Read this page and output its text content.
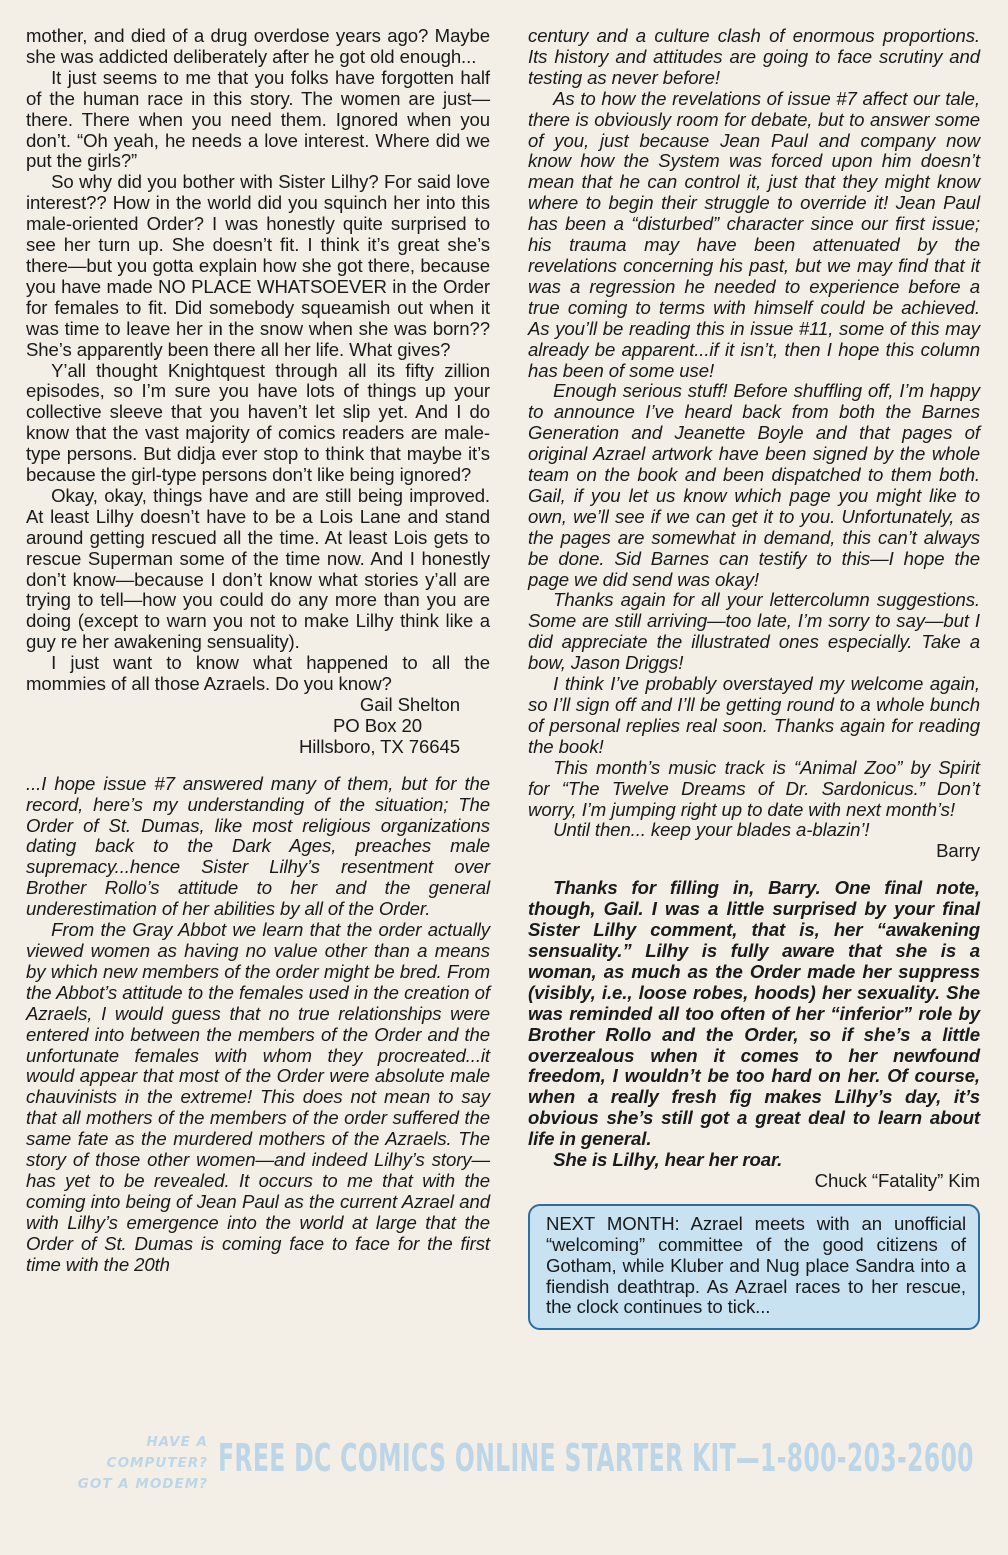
mother, and died of a drug overdose years ago? Maybe she was addicted deliberately after he got old enough...

It just seems to me that you folks have forgotten half of the human race in this story. The women are just—there. There when you need them. Ignored when you don’t. “Oh yeah, he needs a love interest. Where did we put the girls?”

So why did you bother with Sister Lilhy? For said love interest?? How in the world did you squinch her into this male-oriented Order? I was honestly quite surprised to see her turn up. She doesn’t fit. I think it’s great she’s there—but you gotta explain how she got there, because you have made NO PLACE WHATSOEVER in the Order for females to fit. Did somebody squeamish out when it was time to leave her in the snow when she was born?? She’s apparently been there all her life. What gives?

Y’all thought Knightquest through all its fifty zillion episodes, so I’m sure you have lots of things up your collective sleeve that you haven’t let slip yet. And I do know that the vast majority of comics readers are male-type persons. But didja ever stop to think that maybe it’s because the girl-type persons don’t like being ignored?

Okay, okay, things have and are still being improved. At least Lilhy doesn’t have to be a Lois Lane and stand around getting rescued all the time. At least Lois gets to rescue Superman some of the time now. And I honestly don’t know—because I don’t know what stories y’all are trying to tell—how you could do any more than you are doing (except to warn you not to make Lilhy think like a guy re her awakening sensuality).

I just want to know what happened to all the mommies of all those Azraels. Do you know?

Gail Shelton

PO Box 20

Hillsboro, TX 76645

...I hope issue #7 answered many of them, but for the record, here’s my understanding of the situation; The Order of St. Dumas, like most religious organizations dating back to the Dark Ages, preaches male supremacy...hence Sister Lilhy’s resentment over Brother Rollo’s attitude to her and the general underestimation of her abilities by all of the Order.

From the Gray Abbot we learn that the order actually viewed women as having no value other than a means by which new members of the order might be bred. From the Abbot’s attitude to the females used in the creation of Azraels, I would guess that no true relationships were entered into between the members of the Order and the unfortunate females with whom they procreated...it would appear that most of the Order were absolute male chauvinists in the extreme! This does not mean to say that all mothers of the members of the order suffered the same fate as the murdered mothers of the Azraels. The story of those other women—and indeed Lilhy’s story—has yet to be revealed. It occurs to me that with the coming into being of Jean Paul as the current Azrael and with Lilhy’s emergence into the world at large that the Order of St. Dumas is coming face to face for the first time with the 20th

century and a culture clash of enormous proportions. Its history and attitudes are going to face scrutiny and testing as never before!

As to how the revelations of issue #7 affect our tale, there is obviously room for debate, but to answer some of you, just because Jean Paul and company now know how the System was forced upon him doesn’t mean that he can control it, just that they might know where to begin their struggle to override it! Jean Paul has been a “disturbed” character since our first issue; his trauma may have been attenuated by the revelations concerning his past, but we may find that it was a regression he needed to experience before a true coming to terms with himself could be achieved. As you’ll be reading this in issue #11, some of this may already be apparent...if it isn’t, then I hope this column has been of some use!

Enough serious stuff! Before shuffling off, I’m happy to announce I’ve heard back from both the Barnes Generation and Jeanette Boyle and that pages of original Azrael artwork have been signed by the whole team on the book and been dispatched to them both. Gail, if you let us know which page you might like to own, we’ll see if we can get it to you. Unfortunately, as the pages are somewhat in demand, this can’t always be done. Sid Barnes can testify to this—I hope the page we did send was okay!

Thanks again for all your lettercolumn suggestions. Some are still arriving—too late, I’m sorry to say—but I did appreciate the illustrated ones especially. Take a bow, Jason Driggs!

I think I’ve probably overstayed my welcome again, so I’ll sign off and I’ll be getting round to a whole bunch of personal replies real soon. Thanks again for reading the book!

This month’s music track is “Animal Zoo” by Spirit for “The Twelve Dreams of Dr. Sardonicus.” Don’t worry, I’m jumping right up to date with next month’s!

Until then... keep your blades a-blazin’!

Barry

Thanks for filling in, Barry. One final note, though, Gail. I was a little surprised by your final Sister Lilhy comment, that is, her “awakening sensuality.” Lilhy is fully aware that she is a woman, as much as the Order made her suppress (visibly, i.e., loose robes, hoods) her sexuality. She was reminded all too often of her “inferior” role by Brother Rollo and the Order, so if she’s a little overzealous when it comes to her newfound freedom, I wouldn’t be too hard on her. Of course, when a really fresh fig makes Lilhy’s day, it’s obvious she’s still got a great deal to learn about life in general.

She is Lilhy, hear her roar.

Chuck “Fatality” Kim

NEXT MONTH: Azrael meets with an unofficial “welcoming” committee of the good citizens of Gotham, while Kluber and Nug place Sandra into a fiendish deathtrap. As Azrael races to her rescue, the clock continues to tick...

HAVE A COMPUTER?
GOT A MODEM?
FREE DC COMICS ONLINE STARTER KIT—1-800-203-2600
